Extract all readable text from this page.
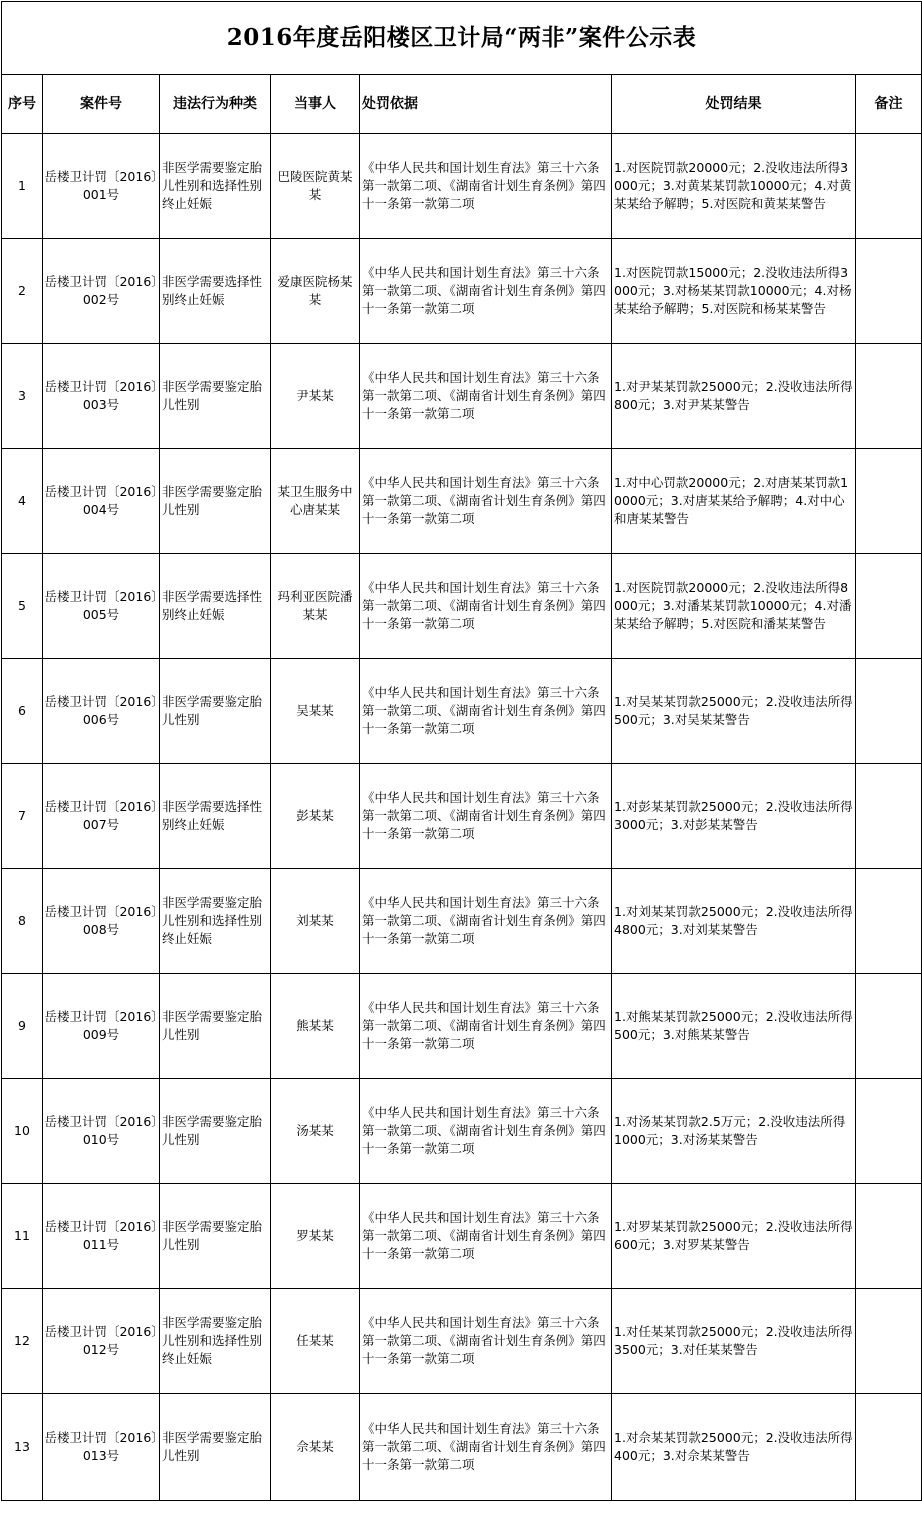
2016年度岳阳楼区卫计局“两非”案件公示表						
序号	案件号	违法行为种类	当事人	处罚依据	处罚结果	备注
1	岳楼卫计罚〔2016〕001号	非医学需要鉴定胎儿性别和选择性别终止妊娠	巴陵医院黄某某	《中华人民共和国计划生育法》第三十六条第一款第二项、《湖南省计划生育条例》第四十一条第一款第二项	1.对医院罚款20000元；2.没收违法所得3000元；3.对黄某某罚款10000元；4.对黄某某给予解聘；5.对医院和黄某某警告	
2	岳楼卫计罚〔2016〕002号	非医学需要选择性别终止妊娠	爱康医院杨某某	《中华人民共和国计划生育法》第三十六条第一款第二项、《湖南省计划生育条例》第四十一条第一款第二项	1.对医院罚款15000元；2.没收违法所得3000元；3.对杨某某罚款10000元；4.对杨某某给予解聘；5.对医院和杨某某警告	
3	岳楼卫计罚〔2016〕003号	非医学需要鉴定胎儿性别	尹某某	《中华人民共和国计划生育法》第三十六条第一款第二项、《湖南省计划生育条例》第四十一条第一款第二项	1.对尹某某罚款25000元；2.没收违法所得800元；3.对尹某某警告	
4	岳楼卫计罚〔2016〕004号	非医学需要鉴定胎儿性别	某卫生服务中心唐某某	《中华人民共和国计划生育法》第三十六条第一款第二项、《湖南省计划生育条例》第四十一条第一款第二项	1.对中心罚款20000元；2.对唐某某罚款10000元；3.对唐某某给予解聘；4.对中心和唐某某警告	
5	岳楼卫计罚〔2016〕005号	非医学需要选择性别终止妊娠	玛利亚医院潘某某	《中华人民共和国计划生育法》第三十六条第一款第二项、《湖南省计划生育条例》第四十一条第一款第二项	1.对医院罚款20000元；2.没收违法所得8000元；3.对潘某某罚款10000元；4.对潘某某给予解聘；5.对医院和潘某某警告	
6	岳楼卫计罚〔2016〕006号	非医学需要鉴定胎儿性别	吴某某	《中华人民共和国计划生育法》第三十六条第一款第二项、《湖南省计划生育条例》第四十一条第一款第二项	1.对吴某某罚款25000元；2.没收违法所得500元；3.对吴某某警告	
7	岳楼卫计罚〔2016〕007号	非医学需要选择性别终止妊娠	彭某某	《中华人民共和国计划生育法》第三十六条第一款第二项、《湖南省计划生育条例》第四十一条第一款第二项	1.对彭某某罚款25000元；2.没收违法所得3000元；3.对彭某某警告	
8	岳楼卫计罚〔2016〕008号	非医学需要鉴定胎儿性别和选择性别终止妊娠	刘某某	《中华人民共和国计划生育法》第三十六条第一款第二项、《湖南省计划生育条例》第四十一条第一款第二项	1.对刘某某罚款25000元；2.没收违法所得4800元；3.对刘某某警告	
9	岳楼卫计罚〔2016〕009号	非医学需要鉴定胎儿性别	熊某某	《中华人民共和国计划生育法》第三十六条第一款第二项、《湖南省计划生育条例》第四十一条第一款第二项	1.对熊某某罚款25000元；2.没收违法所得500元；3.对熊某某警告	
10	岳楼卫计罚〔2016〕010号	非医学需要鉴定胎儿性别	汤某某	《中华人民共和国计划生育法》第三十六条第一款第二项、《湖南省计划生育条例》第四十一条第一款第二项	1.对汤某某罚款2.5万元；2.没收违法所得1000元；3.对汤某某警告	
11	岳楼卫计罚〔2016〕011号	非医学需要鉴定胎儿性别	罗某某	《中华人民共和国计划生育法》第三十六条第一款第二项、《湖南省计划生育条例》第四十一条第一款第二项	1.对罗某某罚款25000元；2.没收违法所得600元；3.对罗某某警告	
12	岳楼卫计罚〔2016〕012号	非医学需要鉴定胎儿性别和选择性别终止妊娠	任某某	《中华人民共和国计划生育法》第三十六条第一款第二项、《湖南省计划生育条例》第四十一条第一款第二项	1.对任某某罚款25000元；2.没收违法所得3500元；3.对任某某警告	
13	岳楼卫计罚〔2016〕013号	非医学需要鉴定胎儿性别	佘某某	《中华人民共和国计划生育法》第三十六条第一款第二项、《湖南省计划生育条例》第四十一条第一款第二项	1.对佘某某罚款25000元；2.没收违法所得400元；3.对佘某某警告	
